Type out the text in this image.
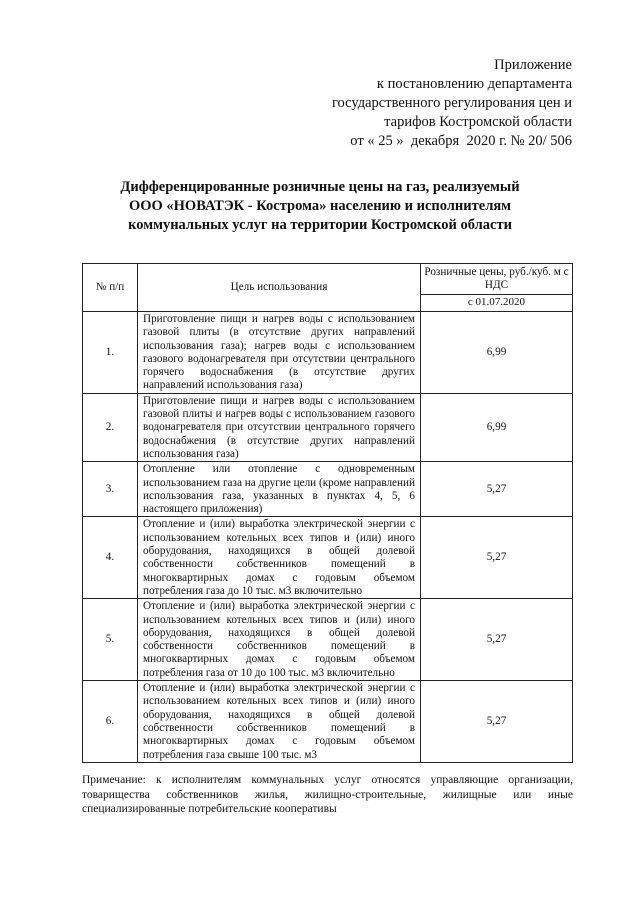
Приложение
к постановлению департамента
государственного регулирования цен и
тарифов Костромской области
от « 25 »  декабря  2020 г. № 20/ 506
Дифференцированные розничные цены на газ, реализуемый
ООО «НОВАТЭК - Кострома» населению и исполнителям
коммунальных услуг на территории Костромской области
№ п/п	Цель использования	Розничные цены, руб./куб. м с НДС
		с 01.07.2020
1.	Приготовление пищи и нагрев воды с использованием газовой плиты (в отсутствие других направлений использования газа); нагрев воды с использованием газового водонагревателя при отсутствии центрального горячего водоснабжения (в отсутствие других направлений использования газа)	6,99
2.	Приготовление пищи и нагрев воды с использованием газовой плиты и нагрев воды с использованием газового водонагревателя при отсутствии центрального горячего водоснабжения (в отсутствие других направлений использования газа)	6,99
3.	Отопление или отопление с одновременным использованием газа на другие цели (кроме направлений использования газа, указанных в пунктах 4, 5, 6 настоящего приложения)	5,27
4.	Отопление и (или) выработка электрической энергии с использованием котельных всех типов и (или) иного оборудования, находящихся в общей долевой собственности собственников помещений в многоквартирных домах с годовым объемом потребления газа до 10 тыс. м3 включительно	5,27
5.	Отопление и (или) выработка электрической энергии с использованием котельных всех типов и (или) иного оборудования, находящихся в общей долевой собственности собственников помещений в многоквартирных домах с годовым объемом потребления газа от 10 до 100 тыс. м3 включительно	5,27
6.	Отопление и (или) выработка электрической энергии с использованием котельных всех типов и (или) иного оборудования, находящихся в общей долевой собственности собственников помещений в многоквартирных домах с годовым объемом потребления газа свыше 100 тыс. м3	5,27
Примечание: к исполнителям коммунальных услуг относятся управляющие организации, товарищества собственников жилья, жилищно-строительные, жилищные или иные специализированные потребительские кооперативы
